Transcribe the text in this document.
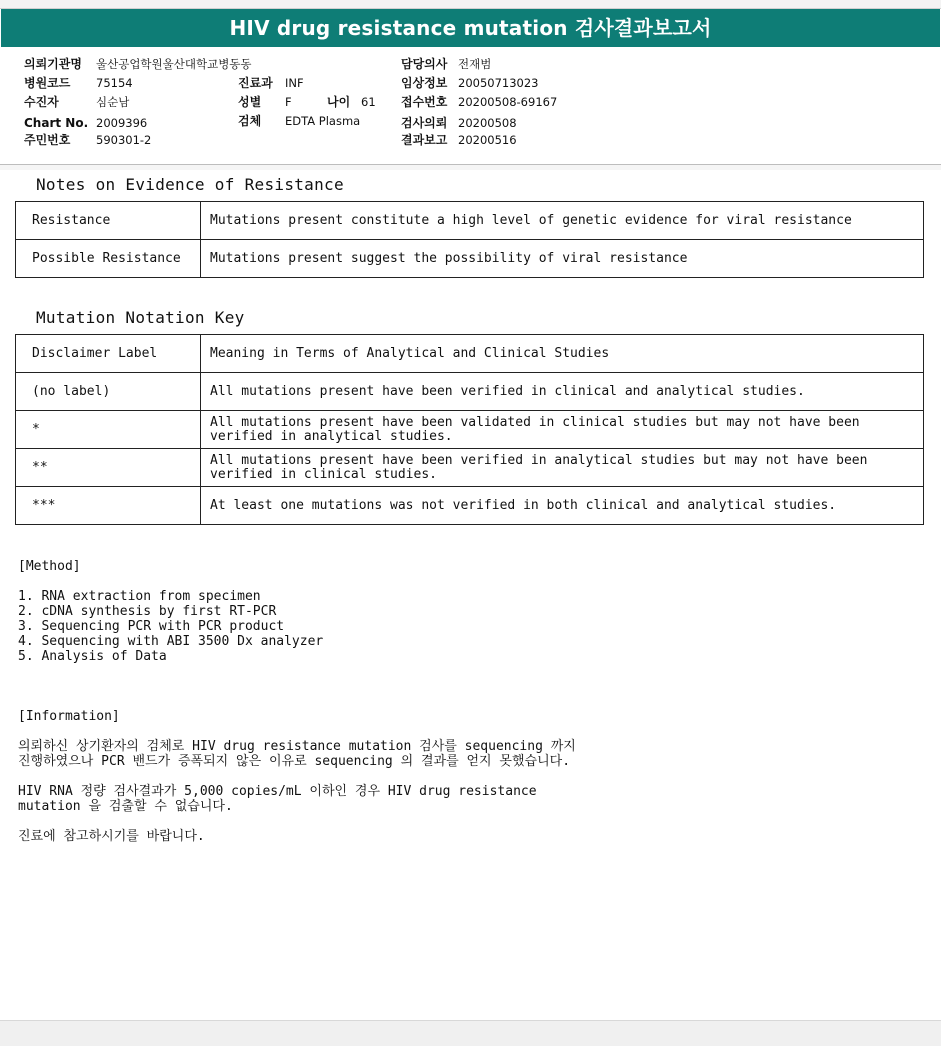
HIV drug resistance mutation 검사결과보고서
의뢰기관명 울산공업학원울산대학교병동동
병원코드 75154
수진자	심순남
Chart No. 2009396
주민번호 590301-2
진료과 INF
성별 F	나이 61
검체 EDTA Plasma
담당의사 전재범
임상정보 20050713023
접수번호 20200508-69167
검사의뢰 20200508
결과보고 20200516
Notes on Evidence of Resistance
Resistance	Mutations present constitute a high level of genetic evidence for viral resistance
Possible Resistance	Mutations present suggest the possibility of viral resistance
Mutation Notation Key
Disclaimer Label	Meaning in Terms of Analytical and Clinical Studies
(no label)	All mutations present have been verified in clinical and analytical studies.
*	All mutations present have been validated in clinical studies but may not have been verified in analytical studies.
**	All mutations present have been verified in analytical studies but may not have been verified in clinical studies.
***	At least one mutations was not verified in both clinical and analytical studies.
[Method]
1. RNA extraction from specimen
2. cDNA synthesis by first RT-PCR
3. Sequencing PCR with PCR product
4. Sequencing with ABI 3500 Dx analyzer
5. Analysis of Data
[Information]
의뢰하신 상기환자의 검체로 HIV drug resistance mutation 검사를 sequencing 까지
진행하였으나 PCR 밴드가 증폭되지 않은 이유로 sequencing 의 결과를 얻지 못했습니다.
HIV RNA 정량 검사결과가 5,000 copies/mL 이하인 경우 HIV drug resistance
mutation 을 검출할 수 없습니다.
진료에 참고하시기를 바랍니다.
